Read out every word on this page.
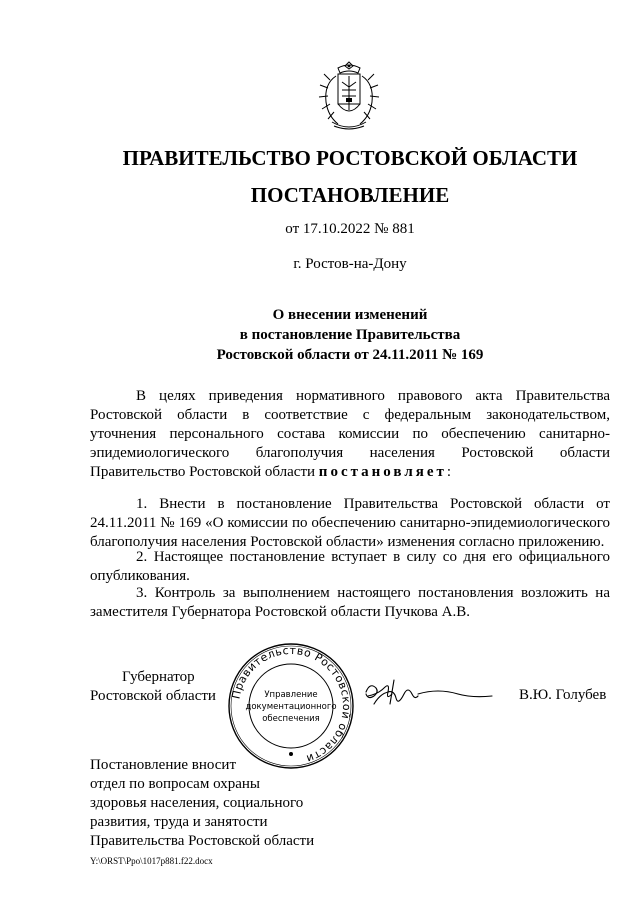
ПРАВИТЕЛЬСТВО РОСТОВСКОЙ ОБЛАСТИ
ПОСТАНОВЛЕНИЕ
от 17.10.2022 № 881
г. Ростов-на-Дону
О внесении изменений
в постановление Правительства
Ростовской области от 24.11.2011 № 169
В целях приведения нормативного правового акта Правительства Ростовской области в соответствие с федеральным законодательством, уточнения персонального состава комиссии по обеспечению санитарно-эпидемиологического благополучия населения Ростовской области Правительство Ростовской области постановляет:
1. Внести в постановление Правительства Ростовской области от 24.11.2011 № 169 «О комиссии по обеспечению санитарно-эпидемиологического благополучия населения Ростовской области» изменения согласно приложению.
2. Настоящее постановление вступает в силу со дня его официального опубликования.
3. Контроль за выполнением настоящего постановления возложить на заместителя Губернатора Ростовской области Пучкова А.В.
Губернатор
Ростовской области Правительство Ростовской области
Управление
документационного
обеспечения
В.Ю. Голубев
Постановление вносит
отдел по вопросам охраны
здоровья населения, социального
развития, труда и занятости
Правительства Ростовской области
Y:\ORST\Ppo\1017p881.f22.docx
